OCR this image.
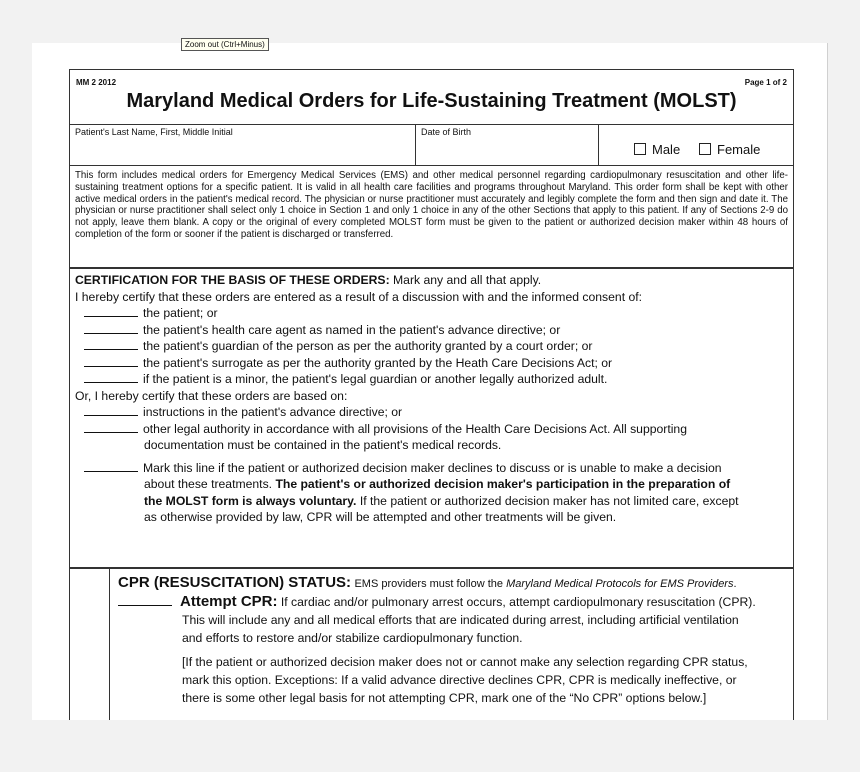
MM 2 2012	Page 1 of 2
Maryland Medical Orders for Life-Sustaining Treatment (MOLST)
Patient's Last Name, First, Middle Initial	Date of Birth
Male	Female
This form includes medical orders for Emergency Medical Services (EMS) and other medical personnel regarding cardiopulmonary resuscitation and other life-sustaining treatment options for a specific patient. It is valid in all health care facilities and programs throughout Maryland. This order form shall be kept with other active medical orders in the patient's medical record. The physician or nurse practitioner must accurately and legibly complete the form and then sign and date it. The physician or nurse practitioner shall select only 1 choice in Section 1 and only 1 choice in any of the other Sections that apply to this patient. If any of Sections 2-9 do not apply, leave them blank. A copy or the original of every completed MOLST form must be given to the patient or authorized decision maker within 48 hours of completion of the form or sooner if the patient is discharged or transferred.
CERTIFICATION FOR THE BASIS OF THESE ORDERS: Mark any and all that apply.
I hereby certify that these orders are entered as a result of a discussion with and the informed consent of:
the patient; or
the patient's health care agent as named in the patient's advance directive; or
the patient's guardian of the person as per the authority granted by a court order; or
the patient's surrogate as per the authority granted by the Heath Care Decisions Act; or
if the patient is a minor, the patient's legal guardian or another legally authorized adult.
Or, I hereby certify that these orders are based on:
instructions in the patient's advance directive; or
other legal authority in accordance with all provisions of the Health Care Decisions Act. All supporting
documentation must be contained in the patient's medical records.
Mark this line if the patient or authorized decision maker declines to discuss or is unable to make a decision
about these treatments. The patient's or authorized decision maker's participation in the preparation of
the MOLST form is always voluntary. If the patient or authorized decision maker has not limited care, except
as otherwise provided by law, CPR will be attempted and other treatments will be given.
CPR (RESUSCITATION) STATUS: EMS providers must follow the Maryland Medical Protocols for EMS Providers.
Attempt CPR: If cardiac and/or pulmonary arrest occurs, attempt cardiopulmonary resuscitation (CPR).
This will include any and all medical efforts that are indicated during arrest, including artificial ventilation
and efforts to restore and/or stabilize cardiopulmonary function.
[If the patient or authorized decision maker does not or cannot make any selection regarding CPR status,
mark this option. Exceptions: If a valid advance directive declines CPR, CPR is medically ineffective, or
there is some other legal basis for not attempting CPR, mark one of the “No CPR” options below.]
Zoom out (Ctrl+Minus)
